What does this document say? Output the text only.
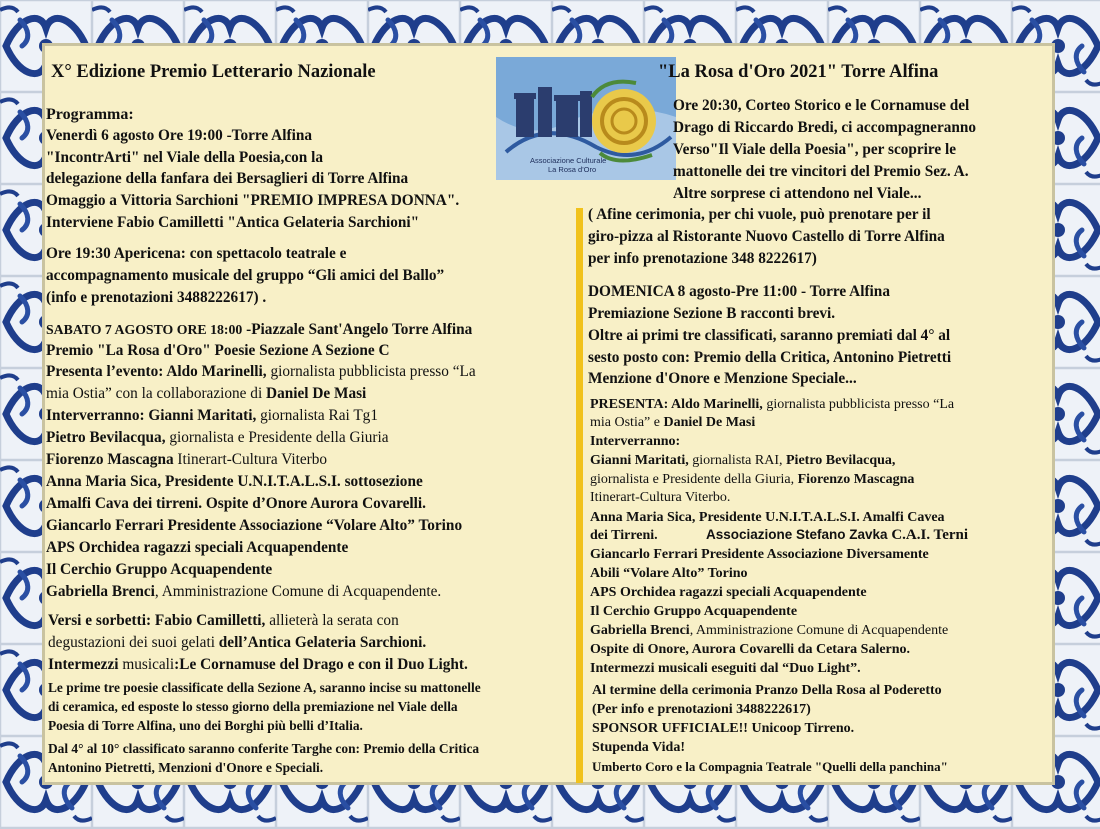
Associazione Culturale
La Rosa d'Oro
X° Edizione Premio Letterario Nazionale	"La Rosa d'Oro 2021" Torre Alfina
Programma:
Venerdì 6 agosto Ore 19:00 -Torre Alfina
"IncontrArti" nel Viale della Poesia,con la
delegazione della fanfara dei Bersaglieri di Torre Alfina
Omaggio a Vittoria Sarchioni "PREMIO IMPRESA DONNA".
Interviene Fabio Camilletti "Antica Gelateria Sarchioni"
Ore 19:30 Apericena: con spettacolo teatrale e
accompagnamento musicale del gruppo “Gli amici del Ballo”
(info e prenotazioni 3488222617) .
SABATO 7 AGOSTO ORE 18:00 -Piazzale Sant'Angelo Torre Alfina
Premio "La Rosa d'Oro" Poesie Sezione A Sezione C
Presenta l’evento: Aldo Marinelli, giornalista pubblicista presso “La
mia Ostia” con la collaborazione di Daniel De Masi
Interverranno: Gianni Maritati, giornalista Rai Tg1
Pietro Bevilacqua, giornalista e Presidente della Giuria
Fiorenzo Mascagna Itinerart-Cultura Viterbo
Anna Maria Sica, Presidente U.N.I.T.A.L.S.I. sottosezione
Amalfi Cava dei tirreni. Ospite d’Onore Aurora Covarelli.
Giancarlo Ferrari Presidente Associazione “Volare Alto” Torino
APS Orchidea ragazzi speciali Acquapendente
Il Cerchio Gruppo Acquapendente
Gabriella Brenci, Amministrazione Comune di Acquapendente.
Versi e sorbetti: Fabio Camilletti, allieterà la serata con
degustazioni dei suoi gelati dell’Antica Gelateria Sarchioni.
Intermezzi musicali:Le Cornamuse del Drago e con il Duo Light.
Le prime tre poesie classificate della Sezione A, saranno incise su mattonelle
di ceramica, ed esposte lo stesso giorno della premiazione nel Viale della
Poesia di Torre Alfina, uno dei Borghi più belli d’Italia.
Dal 4° al 10° classificato saranno conferite Targhe con: Premio della Critica
Antonino Pietretti, Menzioni d'Onore e Speciali.
Ore 20:30, Corteo Storico e le Cornamuse del
Drago di Riccardo Bredi, ci accompagneranno
Verso"Il Viale della Poesia", per scoprire le
mattonelle dei tre vincitori del Premio Sez. A.
Altre sorprese ci attendono nel Viale...
( Afine cerimonia, per chi vuole, può prenotare per il
giro-pizza al Ristorante Nuovo Castello di Torre Alfina
per info prenotazione 348 8222617)
DOMENICA 8 agosto-Pre 11:00 - Torre Alfina
Premiazione Sezione B racconti brevi.
Oltre ai primi tre classificati, saranno premiati dal 4° al
sesto posto con: Premio della Critica, Antonino Pietretti
Menzione d'Onore e Menzione Speciale...
PRESENTA: Aldo Marinelli, giornalista pubblicista presso “La
mia Ostia” e Daniel De Masi
Interverranno:
Gianni Maritati, giornalista RAI, Pietro Bevilacqua,
giornalista e Presidente della Giuria, Fiorenzo Mascagna
Itinerart-Cultura Viterbo.
Anna Maria Sica, Presidente U.N.I.T.A.L.S.I. Amalfi Cavea
dei Tirreni.	Associazione Stefano Zavka C.A.I. Terni
Giancarlo Ferrari Presidente Associazione Diversamente
Abili “Volare Alto” Torino
APS Orchidea ragazzi speciali Acquapendente
Il Cerchio Gruppo Acquapendente
Gabriella Brenci, Amministrazione Comune di Acquapendente
Ospite di Onore, Aurora Covarelli da Cetara Salerno.
Intermezzi musicali eseguiti dal “Duo Light”.
Al termine della cerimonia Pranzo Della Rosa al Poderetto
(Per info e prenotazioni 3488222617)
SPONSOR UFFICIALE!! Unicoop Tirreno.
Stupenda Vida!
Umberto Coro e la Compagnia Teatrale "Quelli della panchina"
